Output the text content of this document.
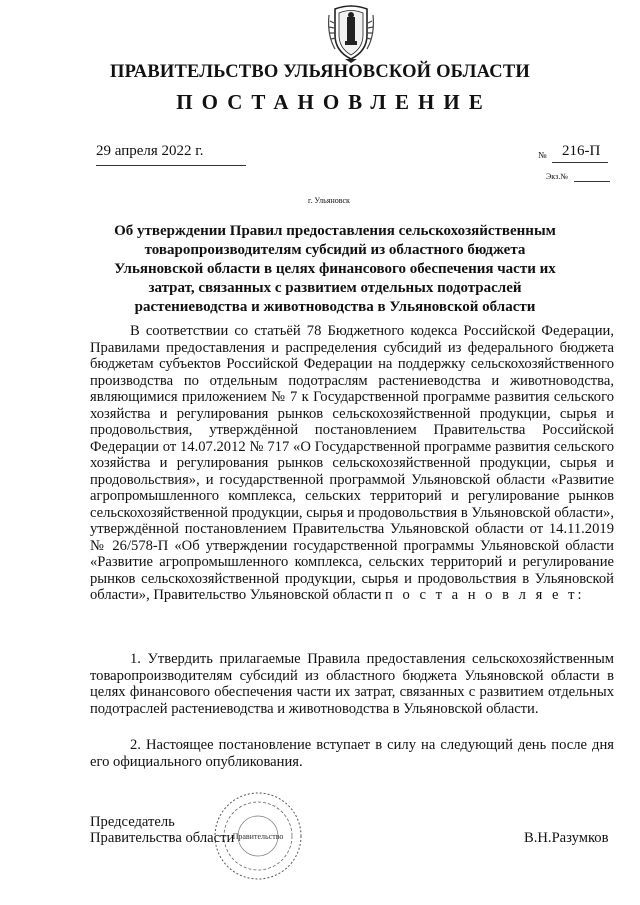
ПРАВИТЕЛЬСТВО УЛЬЯНОВСКОЙ ОБЛАСТИ
ПОСТАНОВЛЕНИЕ
29 апреля 2022 г.	№ 216-П
Экз.№
г. Ульяновск
Об утверждении Правил предоставления сельскохозяйственным товаропроизводителям субсидий из областного бюджета Ульяновской области в целях финансового обеспечения части их затрат, связанных с развитием отдельных подотраслей растениеводства и животноводства в Ульяновской области
В соответствии со статьёй 78 Бюджетного кодекса Российской Федерации, Правилами предоставления и распределения субсидий из федерального бюджета бюджетам субъектов Российской Федерации на поддержку сельскохозяйственного производства по отдельным подотраслям растениеводства и животноводства, являющимися приложением № 7 к Государственной программе развития сельского хозяйства и регулирования рынков сельскохозяйственной продукции, сырья и продовольствия, утверждённой постановлением Правительства Российской Федерации от 14.07.2012 № 717 «О Государственной программе развития сельского хозяйства и регулирования рынков сельскохозяйственной продукции, сырья и продовольствия», и государственной программой Ульяновской области «Развитие агропромышленного комплекса, сельских территорий и регулирование рынков сельскохозяйственной продукции, сырья и продовольствия в Ульяновской области», утверждённой постановлением Правительства Ульяновской области от 14.11.2019 № 26/578-П «Об утверждении государственной программы Ульяновской области «Развитие агропромышленного комплекса, сельских территорий и регулирование рынков сельскохозяйственной продукции, сырья и продовольствия в Ульяновской области», Правительство Ульяновской области п о с т а н о в л я е т:
1. Утвердить прилагаемые Правила предоставления сельскохозяйственным товаропроизводителям субсидий из областного бюджета Ульяновской области в целях финансового обеспечения части их затрат, связанных с развитием отдельных подотраслей растениеводства и животноводства в Ульяновской области.
2. Настоящее постановление вступает в силу на следующий день после дня его официального опубликования.
Правительство
Председатель
Правительства области	В.Н.Разумков
